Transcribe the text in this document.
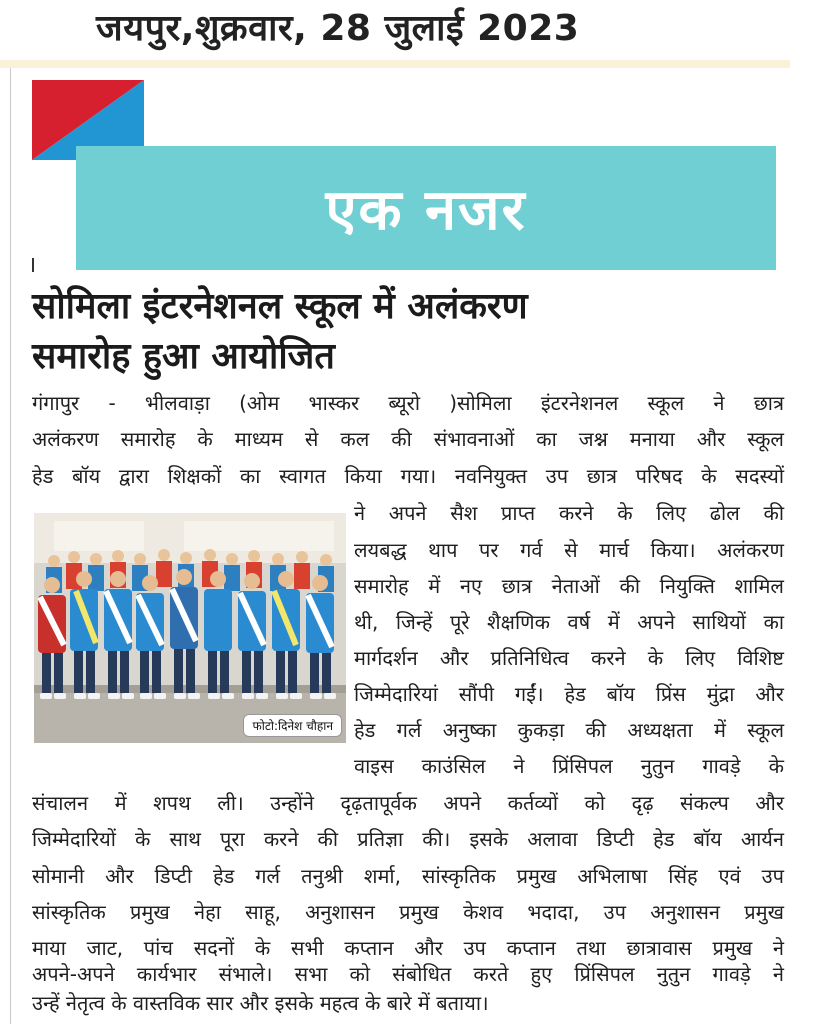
जयपुर,शुक्रवार, 28 जुलाई 2023
एक नजर
सोमिला इंटरनेशनल स्कूल में अलंकरण
समारोह हुआ आयोजित
गंगापुर - भीलवाड़ा (ओम भास्कर ब्यूरो )सोमिला इंटरनेशनल स्कूल ने छात्र
अलंकरण समारोह के माध्यम से कल की संभावनाओं का जश्न मनाया और स्कूल
हेड बॉय द्वारा शिक्षकों का स्वागत किया गया। नवनियुक्त उप छात्र परिषद के सदस्यों
ने अपने सैश प्राप्त करने के लिए ढोल की
लयबद्ध थाप पर गर्व से मार्च किया। अलंकरण
समारोह में नए छात्र नेताओं की नियुक्ति शामिल
थी, जिन्हें पूरे शैक्षणिक वर्ष में अपने साथियों का
मार्गदर्शन और प्रतिनिधित्व करने के लिए विशिष्ट
जिम्मेदारियां सौंपी गईं। हेड बॉय प्रिंस मुंद्रा और
हेड गर्ल अनुष्का कुकड़ा की अध्यक्षता में स्कूल
वाइस काउंसिल ने प्रिंसिपल नुतुन गावड़े के
संचालन में शपथ ली। उन्होंने दृढ़तापूर्वक अपने कर्तव्यों को दृढ़ संकल्प और
जिम्मेदारियों के साथ पूरा करने की प्रतिज्ञा की। इसके अलावा डिप्टी हेड बॉय आर्यन
सोमानी और डिप्टी हेड गर्ल तनुश्री शर्मा, सांस्कृतिक प्रमुख अभिलाषा सिंह एवं उप
सांस्कृतिक प्रमुख नेहा साहू, अनुशासन प्रमुख केशव भदादा, उप अनुशासन प्रमुख
माया जाट, पांच सदनों के सभी कप्तान और उप कप्तान तथा छात्रावास प्रमुख ने
अपने-अपने कार्यभार संभाले। सभा को संबोधित करते हुए प्रिंसिपल नुतुन गावड़े ने
उन्हें नेतृत्व के वास्तविक सार और इसके महत्व के बारे में बताया।
फोटो:दिनेश चौहान
